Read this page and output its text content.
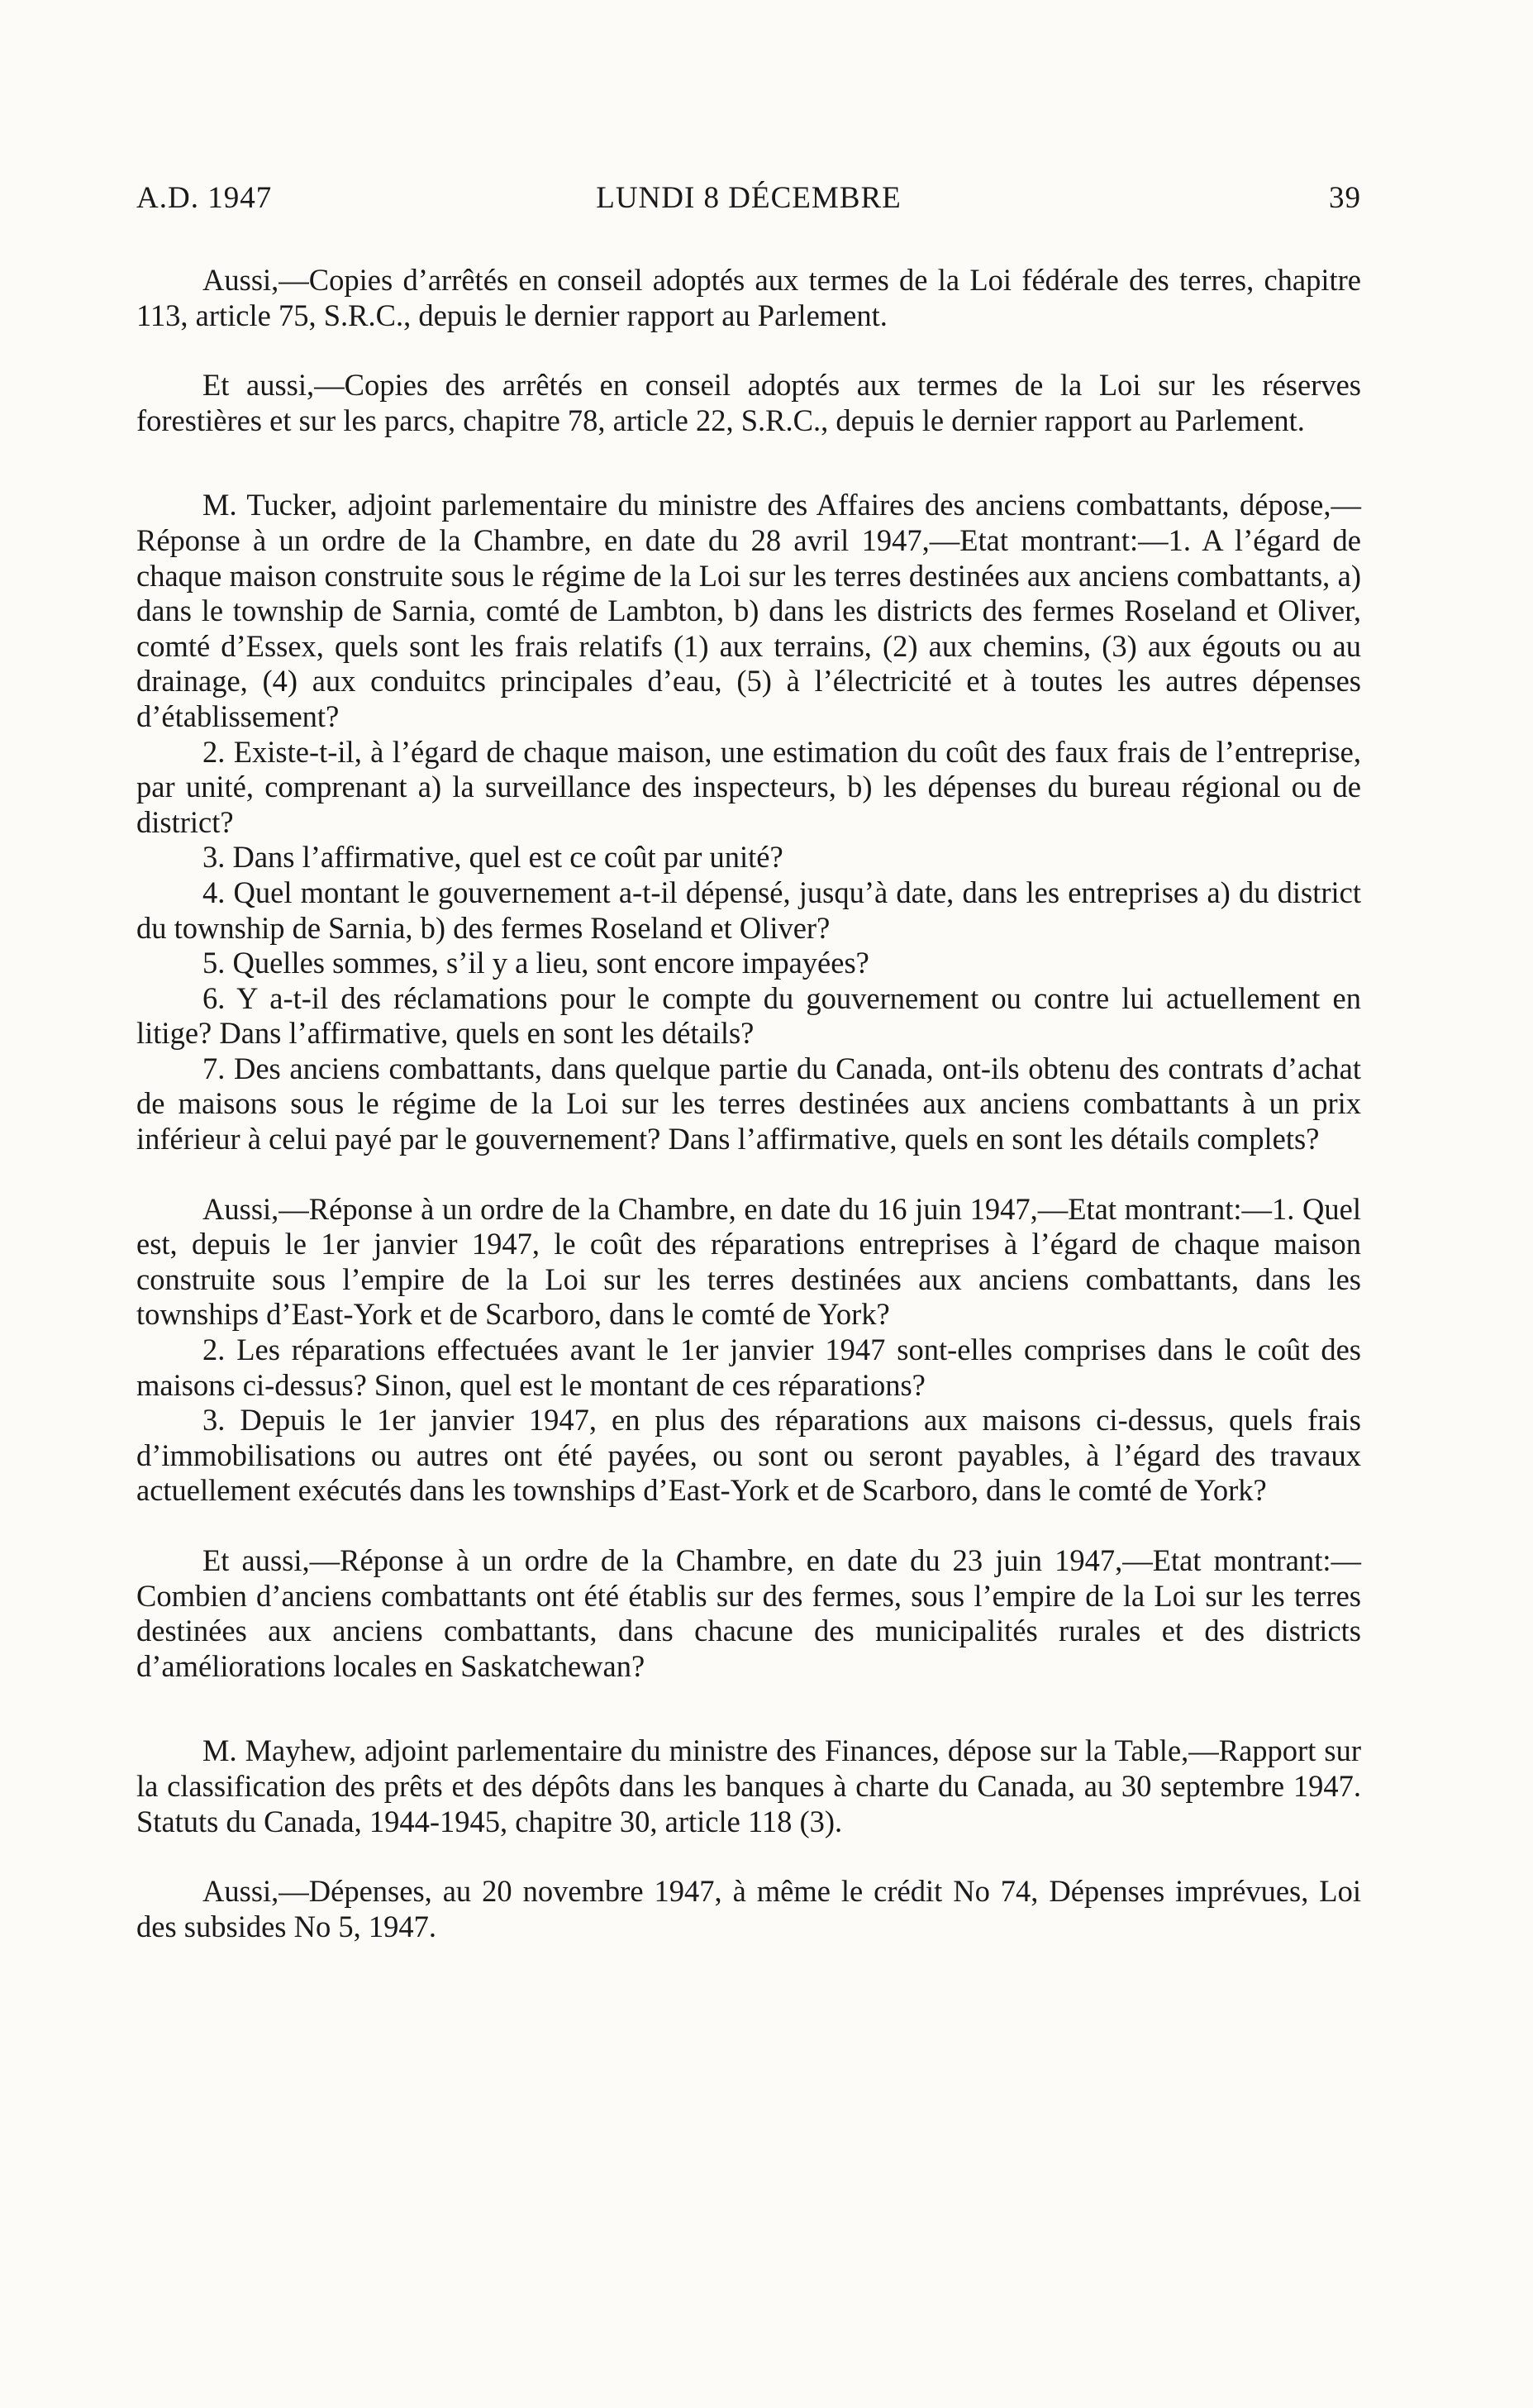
A.D. 1947	LUNDI 8 DÉCEMBRE	39

Aussi,—Copies d’arrêtés en conseil adoptés aux termes de la Loi fédérale des terres, chapitre 113, article 75, S.R.C., depuis le dernier rapport au Parlement.

Et aussi,—Copies des arrêtés en conseil adoptés aux termes de la Loi sur les réserves forestières et sur les parcs, chapitre 78, article 22, S.R.C., depuis le dernier rapport au Parlement.

M. Tucker, adjoint parlementaire du ministre des Affaires des anciens combattants, dépose,—Réponse à un ordre de la Chambre, en date du 28 avril 1947,—Etat montrant:—1. A l’égard de chaque maison construite sous le régime de la Loi sur les terres destinées aux anciens combattants, a) dans le township de Sarnia, comté de Lambton, b) dans les districts des fermes Roseland et Oliver, comté d’Essex, quels sont les frais relatifs (1) aux terrains, (2) aux chemins, (3) aux égouts ou au drainage, (4) aux conduitcs principales d’eau, (5) à l’électricité et à toutes les autres dépenses d’établissement?

2. Existe-t-il, à l’égard de chaque maison, une estimation du coût des faux frais de l’entreprise, par unité, comprenant a) la surveillance des inspecteurs, b) les dépenses du bureau régional ou de district?

3. Dans l’affirmative, quel est ce coût par unité?

4. Quel montant le gouvernement a-t-il dépensé, jusqu’à date, dans les entreprises a) du district du township de Sarnia, b) des fermes Roseland et Oliver?

5. Quelles sommes, s’il y a lieu, sont encore impayées?

6. Y a-t-il des réclamations pour le compte du gouvernement ou contre lui actuellement en litige? Dans l’affirmative, quels en sont les détails?

7. Des anciens combattants, dans quelque partie du Canada, ont-ils obtenu des contrats d’achat de maisons sous le régime de la Loi sur les terres destinées aux anciens combattants à un prix inférieur à celui payé par le gouvernement? Dans l’affirmative, quels en sont les détails complets?

Aussi,—Réponse à un ordre de la Chambre, en date du 16 juin 1947,—Etat montrant:—1. Quel est, depuis le 1er janvier 1947, le coût des réparations entreprises à l’égard de chaque maison construite sous l’empire de la Loi sur les terres destinées aux anciens combattants, dans les townships d’East-York et de Scarboro, dans le comté de York?

2. Les réparations effectuées avant le 1er janvier 1947 sont-elles comprises dans le coût des maisons ci-dessus? Sinon, quel est le montant de ces réparations?

3. Depuis le 1er janvier 1947, en plus des réparations aux maisons ci-dessus, quels frais d’immobilisations ou autres ont été payées, ou sont ou seront payables, à l’égard des travaux actuellement exécutés dans les townships d’East-York et de Scarboro, dans le comté de York?

Et aussi,—Réponse à un ordre de la Chambre, en date du 23 juin 1947,—Etat montrant:—Combien d’anciens combattants ont été établis sur des fermes, sous l’empire de la Loi sur les terres destinées aux anciens combattants, dans chacune des municipalités rurales et des districts d’améliorations locales en Saskatchewan?

M. Mayhew, adjoint parlementaire du ministre des Finances, dépose sur la Table,—Rapport sur la classification des prêts et des dépôts dans les banques à charte du Canada, au 30 septembre 1947. Statuts du Canada, 1944-1945, chapitre 30, article 118 (3).

Aussi,—Dépenses, au 20 novembre 1947, à même le crédit No 74, Dépenses imprévues, Loi des subsides No 5, 1947.
